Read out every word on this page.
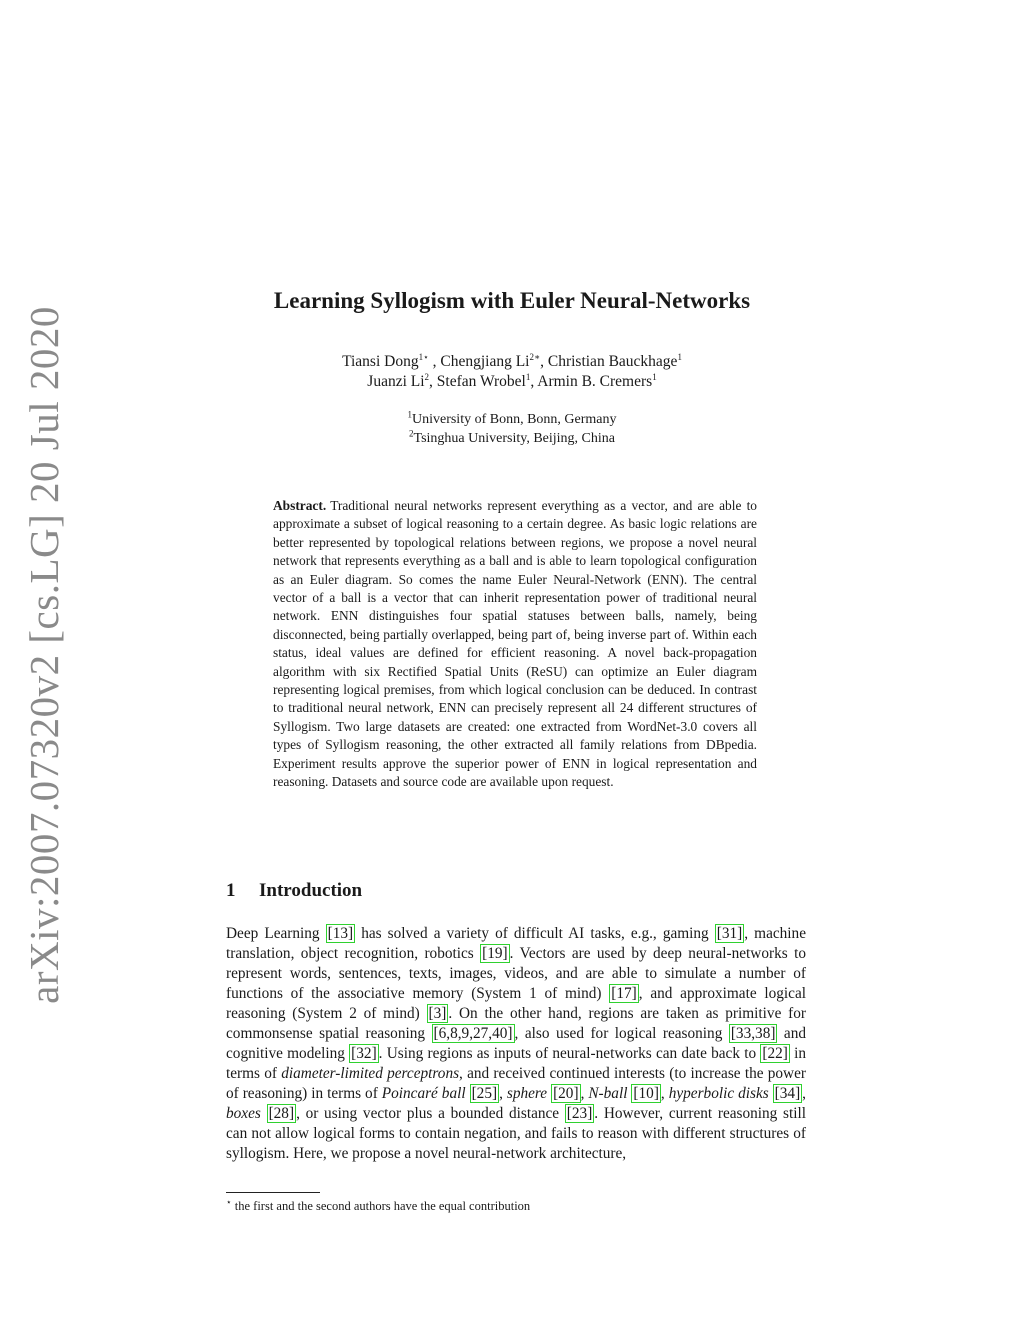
arXiv:2007.07320v2 [cs.LG] 20 Jul 2020
Learning Syllogism with Euler Neural-Networks
Tiansi Dong$^{1⋆}$ , Chengjiang $Li^{2∗}$, Christian Bauckhage$^1$
Juanzi Li$^2$, Stefan Wrobel$^1$, Armin B. Cremers$^1$
$^1$University of Bonn, Bonn, Germany
$^2$Tsinghua University, Beijing, China
Abstract. Traditional neural networks represent everything as a vector, and are able to approximate a subset of logical reasoning to a certain degree. As basic logic relations are better represented by topological relations between regions, we propose a novel neural network that represents everything as a ball and is able to learn topological configuration as an Euler diagram. So comes the name Euler Neural-Network (ENN). The central vector of a ball is a vector that can inherit representation power of traditional neural network. ENN distinguishes four spatial statuses between balls, namely, being disconnected, being partially overlapped, being part of, being inverse part of. Within each status, ideal values are defined for efficient reasoning. A novel back-propagation algorithm with six Rectified Spatial Units (ReSU) can optimize an Euler diagram representing logical premises, from which logical conclusion can be deduced. In contrast to traditional neural network, ENN can precisely represent all 24 different structures of Syllogism. Two large datasets are created: one extracted from WordNet-3.0 covers all types of Syllogism reasoning, the other extracted all family relations from DBpedia. Experiment results approve the superior power of ENN in logical representation and reasoning. Datasets and source code are available upon request.
1 Introduction
Deep Learning [13] has solved a variety of difficult AI tasks, e.g., gaming [31] , machine translation, object recognition, robotics [19] . Vectors are used by deep neural-networks to represent words, sentences, texts, images, videos, and are able to simulate a number of functions of the associative memory (System 1 of mind) [17] , and approximate logical reasoning (System 2 of mind) [3] . On the other hand, regions are taken as primitive for commonsense spatial reasoning [6,8,9,27,40] , also used for logical reasoning [33,38] and cognitive modeling [32] . Using regions as inputs of neural-networks can date back to [22] in terms of diameter-limited perceptrons, and received continued interests (to increase the power of reasoning) in terms of Poincaré ball [25] , sphere [20] , N-ball [10] , hyperbolic disks [34] , boxes [28] , or using vector plus a bounded distance [23] . However, current reasoning still can not allow logical forms to contain negation, and fails to reason with different structures of syllogism. Here, we propose a novel neural-network architecture,
⋆ the first and the second authors have the equal contribution
